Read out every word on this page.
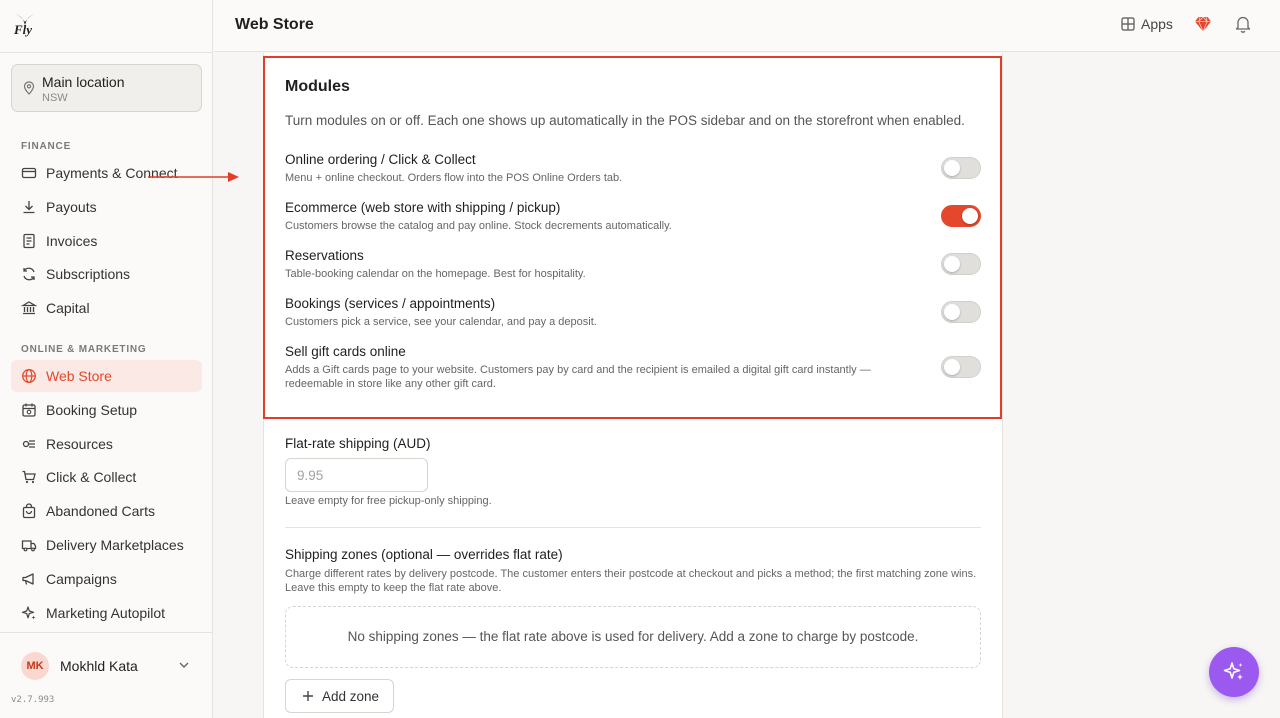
Fly
Main location
NSW
FINANCE
Payments & Connect
Payouts
Invoices
Subscriptions
Capital
ONLINE & MARKETING
Web Store
Booking Setup
Resources
Click & Collect
Abandoned Carts
Delivery Marketplaces
Campaigns
Marketing Autopilot
MK	Mokhld Kata
v2.7.993
Web Store	Apps
Modules

Turn modules on or off. Each one shows up automatically in the POS sidebar and on the storefront when enabled.

Online ordering / Click & Collect
Menu + online checkout. Orders flow into the POS Online Orders tab.
Ecommerce (web store with shipping / pickup)
Customers browse the catalog and pay online. Stock decrements automatically.
Reservations
Table-booking calendar on the homepage. Best for hospitality.
Bookings (services / appointments)
Customers pick a service, see your calendar, and pay a deposit.
Sell gift cards online
Adds a Gift cards page to your website. Customers pay by card and the recipient is emailed a digital gift card instantly — redeemable in store like any other gift card.
Flat-rate shipping (AUD)
9.95
Leave empty for free pickup-only shipping.
Shipping zones (optional — overrides flat rate)

Charge different rates by delivery postcode. The customer enters their postcode at checkout and picks a method; the first matching zone wins. Leave this empty to keep the flat rate above.

No shipping zones — the flat rate above is used for delivery. Add a zone to charge by postcode.
Add zone
